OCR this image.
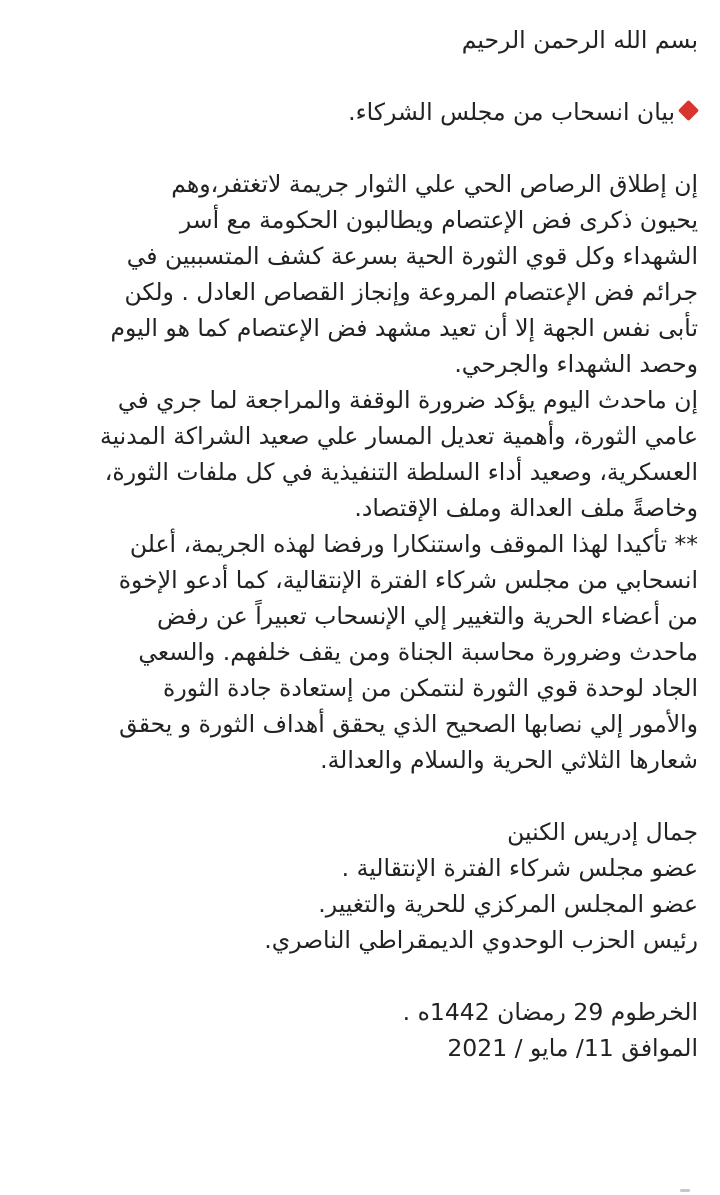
بسم الله الرحمن الرحيم
بيان انسحاب من مجلس الشركاء.
إن إطلاق الرصاص الحي علي الثوار جريمة لاتغتفر،وهم
يحيون ذكرى فض الإعتصام ويطالبون الحكومة مع أسر
الشهداء وكل قوي الثورة الحية بسرعة كشف المتسببين في
جرائم فض الإعتصام المروعة وإنجاز القصاص العادل . ولكن
تأبى نفس الجهة إلا أن تعيد مشهد فض الإعتصام كما هو اليوم
وحصد الشهداء والجرحي.
إن ماحدث اليوم يؤكد ضرورة الوقفة والمراجعة لما جري في
عامي الثورة، وأهمية تعديل المسار علي صعيد الشراكة المدنية
العسكرية، وصعيد أداء السلطة التنفيذية في كل ملفات الثورة،
وخاصةً ملف العدالة وملف الإقتصاد.
** تأكيدا لهذا الموقف واستنكارا ورفضا لهذه الجريمة، أعلن
انسحابي من مجلس شركاء الفترة الإنتقالية، كما أدعو الإخوة
من أعضاء الحرية والتغيير إلي الإنسحاب تعبيراً عن رفض
ماحدث وضرورة محاسبة الجناة ومن يقف خلفهم. والسعي
الجاد لوحدة قوي الثورة لنتمكن من إستعادة جادة الثورة
والأمور إلي نصابها الصحيح الذي يحقق أهداف الثورة و يحقق
شعارها الثلاثي الحرية والسلام والعدالة.
جمال إدريس الكنين
عضو مجلس شركاء الفترة الإنتقالية .
عضو المجلس المركزي للحرية والتغيير.
رئيس الحزب الوحدوي الديمقراطي الناصري.
الخرطوم 29 رمضان 1442ه .
الموافق 11/ مايو / 2021
